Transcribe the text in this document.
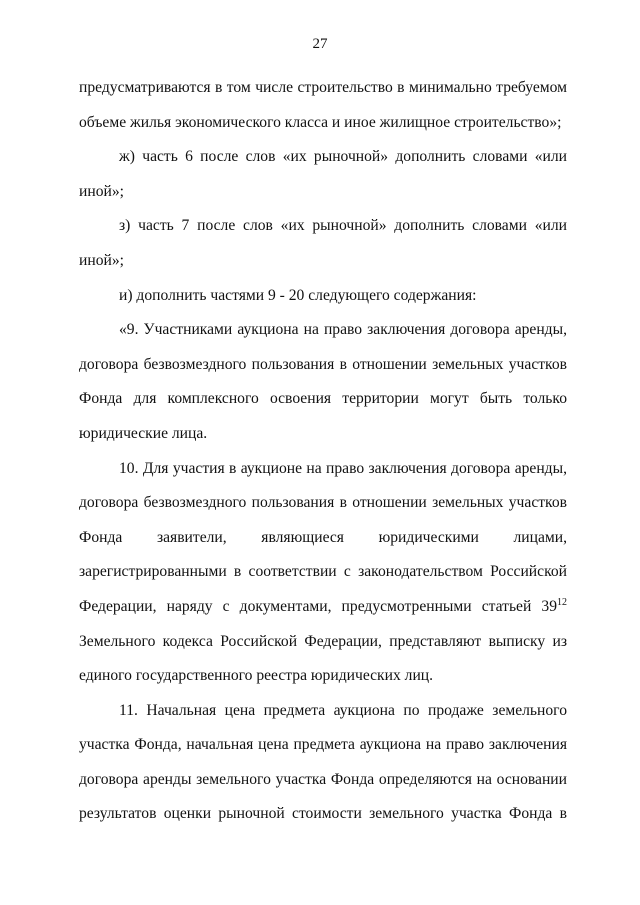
27

предусматриваются в том числе строительство в минимально требуемом объеме жилья экономического класса и иное жилищное строительство»;

ж) часть 6 после слов «их рыночной» дополнить словами «или иной»;

з) часть 7 после слов «их рыночной» дополнить словами «или иной»;

и) дополнить частями 9 - 20 следующего содержания:

«9. Участниками аукциона на право заключения договора аренды, договора безвозмездного пользования в отношении земельных участков Фонда для комплексного освоения территории могут быть только юридические лица.

10. Для участия в аукционе на право заключения договора аренды, договора безвозмездного пользования в отношении земельных участков Фонда заявители, являющиеся юридическими лицами, зарегистрированными в соответствии с законодательством Российской Федерации, наряду с документами, предусмотренными статьей $39^{12}$ Земельного кодекса Российской Федерации, представляют выписку из единого государственного реестра юридических лиц.

11. Начальная цена предмета аукциона по продаже земельного участка Фонда, начальная цена предмета аукциона на право заключения договора аренды земельного участка Фонда определяются на основании результатов оценки рыночной стоимости земельного участка Фонда в
